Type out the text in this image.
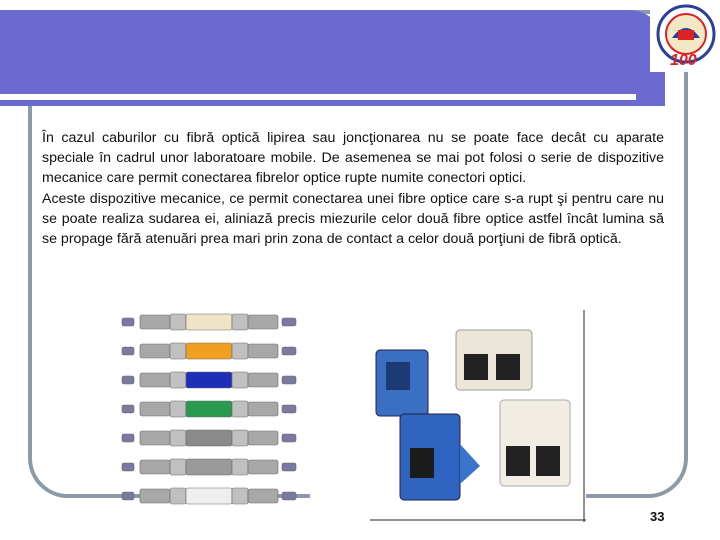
100

În cazul caburilor cu fibră optică lipirea sau joncţionarea nu se poate face decât cu aparate speciale în cadrul unor laboratoare mobile. De asemenea se mai pot folosi o serie de dispozitive mecanice care permit conectarea fibrelor optice rupte numite conectori optici.

Aceste dispozitive mecanice, ce permit conectarea unei fibre optice care s-a rupt şi pentru care nu se poate realiza sudarea ei, aliniază precis miezurile celor două fibre optice astfel încât lumina să se propage fără atenuări prea mari prin zona de contact a celor două porţiuni de fibră optică.

33
